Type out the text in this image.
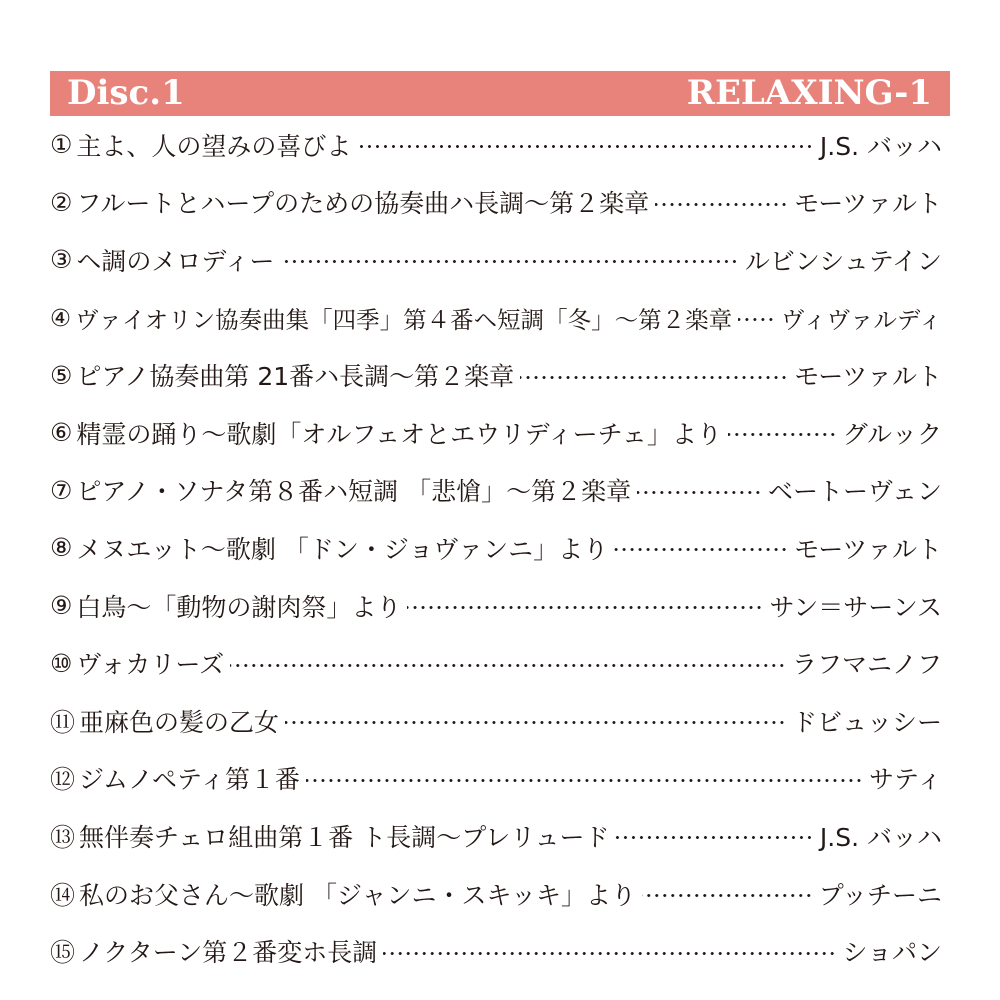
Disc.1	RELAXING-1
① 主よ、人の望みの喜びよ	J.S. バッハ
② フルートとハープのための協奏曲ハ長調～第２楽章	モーツァルト
③ ヘ調のメロディー	ルビンシュテイン
④ ヴァイオリン協奏曲集「四季」第４番ヘ短調「冬」～第２楽章 ヴィヴァルディ
⑤ ピアノ協奏曲第 21番ハ長調～第２楽章	モーツァルト
⑥ 精霊の踊り～歌劇「オルフェオとエウリディーチェ」より	グルック
⑦ ピアノ・ソナタ第８番ハ短調 「悲愴」～第２楽章	ベートーヴェン
⑧ メヌエット～歌劇 「ドン・ジョヴァンニ」より	モーツァルト
⑨ 白鳥～「動物の謝肉祭」より	サン＝サーンス
⑩ ヴォカリーズ	ラフマニノフ
⑪ 亜麻色の髪の乙女	ドビュッシー
⑫ ジムノペティ第１番	サティ
⑬ 無伴奏チェロ組曲第１番 ト長調～プレリュード	J.S. バッハ
⑭ 私のお父さん～歌劇 「ジャンニ・スキッキ」より	プッチーニ
⑮ ノクターン第２番変ホ長調	ショパン
